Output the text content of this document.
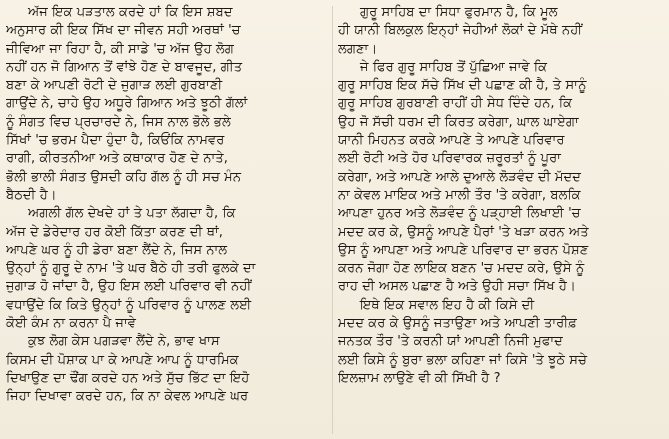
ਅੱਜ ਇਕ ਪੜਤਾਲ ਕਰਦੇ ਹਾਂ ਕਿ ਇਸ ਸ਼ਬਦ
ਅਨੁਸਾਰ ਕੀ ਇਕ ਸਿੱਖ ਦਾ ਜੀਵਨ ਸਹੀ ਅਰਥਾਂ 'ਚ
ਜੀਵਿਆ ਜਾ ਰਿਹਾ ਹੈ, ਕੀ ਸਾਡੇ 'ਚ ਅੱਜ ਉਹ ਲੋਗ
ਨਹੀਂ ਹਨ ਜੋ ਗਿਆਨ ਤੋਂ ਵਾਂਝੇ ਹੋਣ ਦੇ ਬਾਵਜੂਦ, ਗੀਤ
ਬਣਾ ਕੇ ਆਪਣੀ ਰੋਟੀ ਦੇ ਜੁਗਾੜ ਲਈ ਗੁਰਬਾਣੀ
ਗਾਉਂਦੇ ਨੇ, ਚਾਹੇ ਉਹ ਅਧੂਰੇ ਗਿਆਨ ਅਤੇ ਝੂਠੀ ਗੱਲਾਂ
ਨੂੰ ਸੰਗਤ ਵਿਚ ਪ੍ਰਚਾਰਦੇ ਨੇ, ਜਿਸ ਨਾਲ ਭੋਲੇ ਭਲੇ
ਸਿੱਖਾਂ 'ਚ ਭਰਮ ਪੈਦਾ ਹੁੰਦਾ ਹੈ, ਕਿਓਂਕਿ ਨਾਮਵਰ
ਰਾਗੀ, ਕੀਰਤਨੀਆ ਅਤੇ ਕਥਾਕਾਰ ਹੋਣ ਦੇ ਨਾਤੇ,
ਭੋਲੀ ਭਾਲੀ ਸੰਗਤ ਉਸਦੀ ਕਹਿ ਗੱਲ ਨੂੰ ਹੀ ਸਚ ਮੰਨ
ਬੈਠਦੀ ਹੈ।
ਅਗਲੀ ਗੱਲ ਦੇਖਦੇ ਹਾਂ ਤੇ ਪਤਾ ਲੱਗਦਾ ਹੈ, ਕਿ
ਅੱਜ ਦੇ ਡੇਰੇਦਾਰ ਹਰ ਕੋਈ ਕਿੱਤਾ ਕਰਣ ਦੀ ਥਾਂ,
ਆਪਣੇ ਘਰ ਨੂੰ ਹੀ ਡੇਰਾ ਬਣਾ ਲੈਂਦੇ ਨੇ, ਜਿਸ ਨਾਲ
ਉਨ੍ਹਾਂ ਨੂੰ ਗੁਰੂ ਦੇ ਨਾਮ 'ਤੇ ਘਰ ਬੈਠੇ ਹੀ ਤਰੀ ਫੁਲਕੇ ਦਾ
ਜੁਗਾੜ ਹੋ ਜਾਂਦਾ ਹੈ, ਉਹ ਇਸ ਲਈ ਪਰਿਵਾਰ ਵੀ ਨਹੀਂ
ਵਧਾਉਂਦੇ ਕਿ ਕਿਤੇ ਉਨ੍ਹਾਂ ਨੂੰ ਪਰਿਵਾਰ ਨੂੰ ਪਾਲਣ ਲਈ
ਕੋਈ ਕੰਮ ਨਾ ਕਰਨਾ ਪੈ ਜਾਵੇ
ਕੁਝ ਲੋਗ ਕੇਸ ਪਗੜਵਾ ਲੈਂਦੇ ਨੇ, ਭਾਵ ਖਾਸ
ਕਿਸਮ ਦੀ ਪੋਸ਼ਾਕ ਪਾ ਕੇ ਆਪਣੇ ਆਪ ਨੂੰ ਧਾਰਮਿਕ
ਦਿਖਾਉਣ ਦਾ ਢੌਂਗ ਕਰਦੇ ਹਨ ਅਤੇ ਸੁੱਚ ਭਿੱਟ ਦਾ ਇਹੋ
ਜਿਹਾ ਦਿਖਾਵਾ ਕਰਦੇ ਹਨ, ਕਿ ਨਾ ਕੇਵਲ ਆਪਣੇ ਘਰ
ਗੁਰੂ ਸਾਹਿਬ ਦਾ ਸਿਧਾ ਫੁਰਮਾਨ ਹੈ, ਕਿ ਮੂਲ
ਹੀ ਯਾਨੀ ਬਿਲਕੁਲ ਇਨ੍ਹਾਂ ਜੇਹੀਆਂ ਲੋਕਾਂ ਦੇ ਮੱਥੇ ਨਹੀਂ
ਲਗਣਾ।
ਜੇ ਫਿਰ ਗੁਰੂ ਸਾਹਿਬ ਤੋਂ ਪੁੱਛਿਆ ਜਾਵੇ ਕਿ
ਗੁਰੂ ਸਾਹਿਬ ਇਕ ਸੱਚੇ ਸਿੱਖ ਦੀ ਪਛਾਣ ਕੀ ਹੈ, ਤੇ ਸਾਨੂੰ
ਗੁਰੂ ਸਾਹਿਬ ਗੁਰਬਾਣੀ ਰਾਹੀਂ ਹੀ ਸੇਧ ਦਿੰਦੇ ਹਨ, ਕਿ
ਉਹ ਜੋ ਸੱਚੀ ਧਰਮ ਦੀ ਕਿਰਤ ਕਰੇਗਾ, ਘਾਲ ਘਾਏਗਾ
ਯਾਨੀ ਮਿਹਨਤ ਕਰਕੇ ਆਪਣੇ ਤੇ ਆਪਣੇ ਪਰਿਵਾਰ
ਲਈ ਰੋਟੀ ਅਤੇ ਹੋਰ ਪਰਿਵਾਰਕ ਜ਼ਰੂਰਤਾਂ ਨੂੰ ਪੂਰਾ
ਕਰੇਗਾ, ਅਤੇ ਆਪਣੇ ਆਲੇ ਦੁਆਲੇ ਲੋੜਵੰਦ ਦੀ ਮੱਦਦ
ਨਾ ਕੇਵਲ ਮਾਇਕ ਅਤੇ ਮਾਲੀ ਤੌਰ 'ਤੇ ਕਰੇਗਾ, ਬਲਕਿ
ਆਪਣਾ ਹੁਨਰ ਅਤੇ ਲੋੜਵੰਦ ਨੂੰ ਪੜ੍ਹਾਈ ਲਿਖਾਈ 'ਚ
ਮਦਦ ਕਰ ਕੇ, ਉਸਨੂੰ ਆਪਣੇ ਪੈਰਾਂ 'ਤੇ ਖੜਾ ਕਰਨ ਅਤੇ
ਉਸ ਨੂੰ ਆਪਣਾ ਅਤੇ ਆਪਣੇ ਪਰਿਵਾਰ ਦਾ ਭਰਨ ਪੋਸ਼ਣ
ਕਰਨ ਜੋਗਾ ਹੋਣ ਲਾਇਕ ਬਣਨ 'ਚ ਮਦਦ ਕਰੇ, ਉਸੇ ਨੂੰ
ਰਾਹ ਦੀ ਅਸਲ ਪਛਾਣ ਹੈ ਅਤੇ ਉਹੀ ਸਚਾ ਸਿੱਖ ਹੈ।
ਇਥੇ ਇਕ ਸਵਾਲ ਇਹ ਹੈ ਕੀ ਕਿਸੇ ਦੀ
ਮਦਦ ਕਰ ਕੇ ਉਸਨੂੰ ਜਤਾਉਣਾ ਅਤੇ ਆਪਣੀ ਤਾਰੀਫ਼
ਜਨਤਕ ਤੌਰ 'ਤੇ ਕਰਨੀ ਯਾਂ ਆਪਣੀ ਨਿਜੀ ਮੁਫਾਦ
ਲਈ ਕਿਸੇ ਨੂੰ ਬੁਰਾ ਭਲਾ ਕਹਿਣਾ ਜਾਂ ਕਿਸੇ 'ਤੇ ਝੂਠੇ ਸਚੇ
ਇਲਜ਼ਾਮ ਲਾਉਣੇ ਵੀ ਕੀ ਸਿੱਖੀ ਹੈ ?
